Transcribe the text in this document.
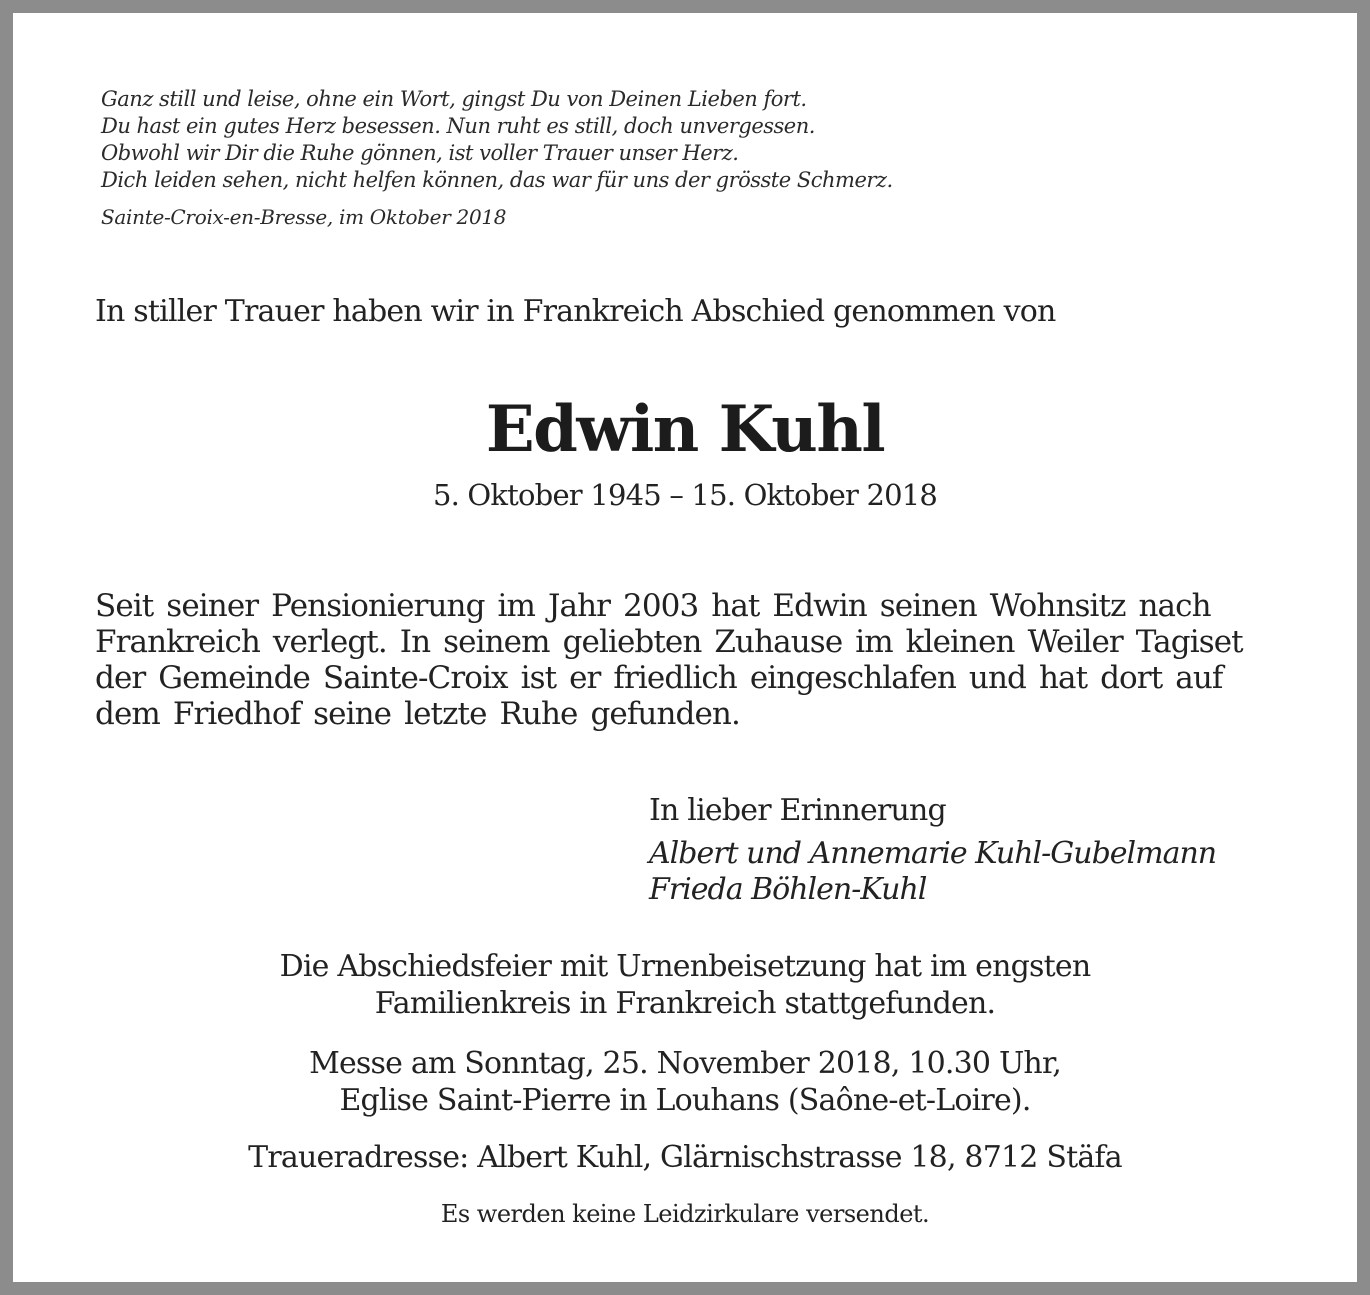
Ganz still und leise, ohne ein Wort, gingst Du von Deinen Lieben fort.
Du hast ein gutes Herz besessen. Nun ruht es still, doch unvergessen.
Obwohl wir Dir die Ruhe gönnen, ist voller Trauer unser Herz.
Dich leiden sehen, nicht helfen können, das war für uns der grösste Schmerz.
Sainte-Croix-en-Bresse, im Oktober 2018
In stiller Trauer haben wir in Frankreich Abschied genommen von
Edwin Kuhl
5. Oktober 1945 – 15. Oktober 2018
Seit seiner Pensionierung im Jahr 2003 hat Edwin seinen Wohnsitz nach
Frankreich verlegt. In seinem geliebten Zuhause im kleinen Weiler Tagiset
der Gemeinde Sainte-Croix ist er friedlich eingeschlafen und hat dort auf
dem Friedhof seine letzte Ruhe gefunden.
In lieber Erinnerung
Albert und Annemarie Kuhl-Gubelmann
Frieda Böhlen-Kuhl
Die Abschiedsfeier mit Urnenbeisetzung hat im engsten
Familienkreis in Frankreich stattgefunden.
Messe am Sonntag, 25. November 2018, 10.30 Uhr,
Eglise Saint-Pierre in Louhans (Saône-et-Loire).
Traueradresse: Albert Kuhl, Glärnischstrasse 18, 8712 Stäfa
Es werden keine Leidzirkulare versendet.
